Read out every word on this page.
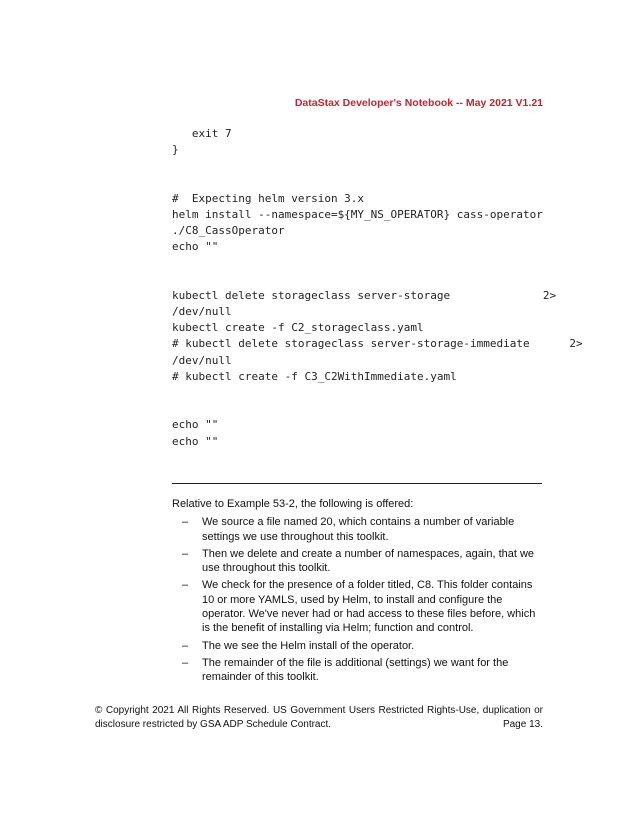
DataStax Developer's Notebook -- May 2021 V1.21
exit 7
}
#  Expecting helm version 3.x
helm install --namespace=${MY_NS_OPERATOR} cass-operator
./C8_CassOperator
echo ""
kubectl delete storageclass server-storage              2>
/dev/null
kubectl create -f C2_storageclass.yaml
# kubectl delete storageclass server-storage-immediate      2>
/dev/null
# kubectl create -f C3_C2WithImmediate.yaml
echo ""
echo ""

Relative to Example 53-2, the following is offered:

– We source a file named 20, which contains a number of variable settings we use throughout this toolkit.
– Then we delete and create a number of namespaces, again, that we use throughout this toolkit.
– We check for the presence of a folder titled, C8. This folder contains 10 or more YAMLS, used by Helm, to install and configure the operator. We've never had or had access to these files before, which is the benefit of installing via Helm; function and control.
– The we see the Helm install of the operator.
– The remainder of the file is additional (settings) we want for the remainder of this toolkit.
© Copyright 2021 All Rights Reserved. US Government Users Restricted Rights-Use, duplication or
disclosure restricted by GSA ADP Schedule Contract.	Page 13.
